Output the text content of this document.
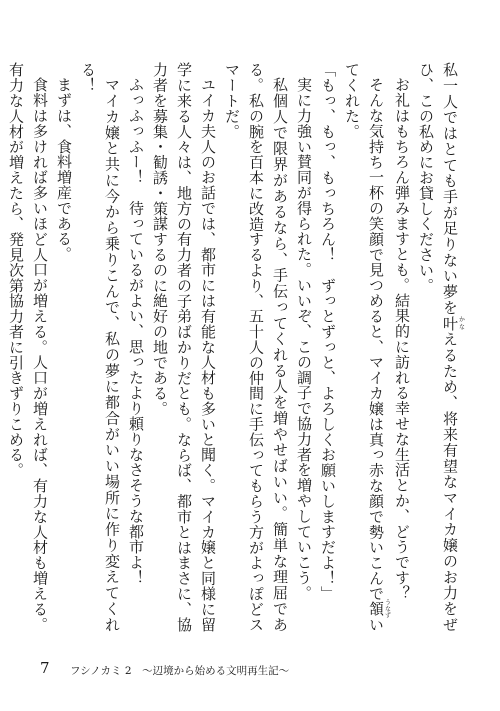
私一人ではとても手が足りない夢を叶かなえるため、将来有望なマイカ嬢のお力をぜひ、この私めにお貸しください。

お礼はもちろん弾みますとも。結果的に訪れる幸せな生活とか、どうです？

そんな気持ち一杯の笑顔で見つめると、マイカ嬢は真っ赤な顔で勢いこんで頷うなずいてくれた。

「もっ、もっ、もっちろん！　ずっとずっと、よろしくお願いしますだよ！」

実に力強い賛同が得られた。いいぞ、この調子で協力者を増やしていこう。

私個人で限界があるなら、手伝ってくれる人を増やせばいい。簡単な理屈である。私の腕を百本に改造するより、五十人の仲間に手伝ってもらう方がよっぽどスマートだ。

ユイカ夫人のお話では、都市には有能な人材も多いと聞く。マイカ嬢と同様に留学に来る人々は、地方の有力者の子弟ばかりだとも。ならば、都市とはまさに、協力者を募集・勧誘・策謀するのに絶好の地である。

ふっふっふー！　待っているがよい、思ったより頼りなさそうな都市よ！

マイカ嬢と共に今から乗りこんで、私の夢に都合がいい場所に作り変えてくれる！

まずは、食料増産である。

食料は多ければ多いほど人口が増える。人口が増えれば、有力な人材も増える。有力な人材が増えたら、発見次第協力者に引きずりこめる。

7 フシノカミ 2　～辺境から始める文明再生記～
